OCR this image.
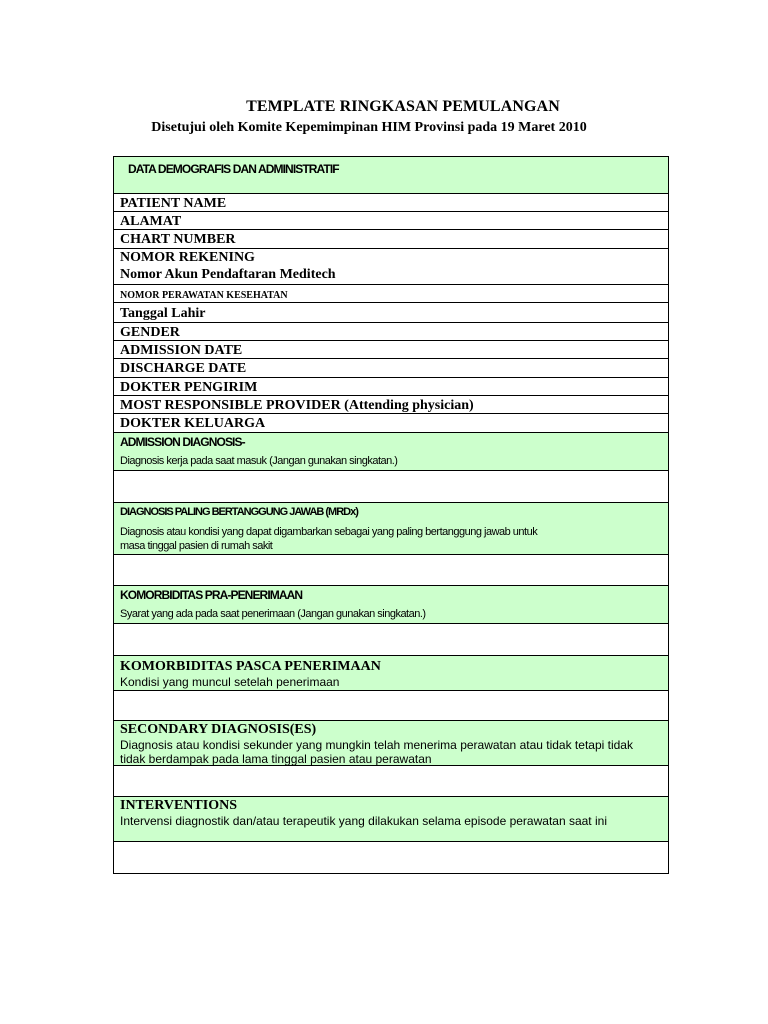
TEMPLATE RINGKASAN PEMULANGAN
Disetujui oleh Komite Kepemimpinan HIM Provinsi pada 19 Maret 2010
DATA DEMOGRAFIS DAN ADMINISTRATIF
PATIENT NAME
ALAMAT
CHART NUMBER
NOMOR REKENING
Nomor Akun Pendaftaran Meditech
NOMOR PERAWATAN KESEHATAN
Tanggal Lahir
GENDER
ADMISSION DATE
DISCHARGE DATE
DOKTER PENGIRIM
MOST RESPONSIBLE PROVIDER (Attending physician)
DOKTER KELUARGA
ADMISSION DIAGNOSIS-
Diagnosis kerja pada saat masuk (Jangan gunakan singkatan.)
DIAGNOSIS PALING BERTANGGUNG JAWAB (MRDx)
Diagnosis atau kondisi yang dapat digambarkan sebagai yang paling bertanggung jawab untuk
masa tinggal pasien di rumah sakit
KOMORBIDITAS PRA-PENERIMAAN
Syarat yang ada pada saat penerimaan (Jangan gunakan singkatan.)
KOMORBIDITAS PASCA PENERIMAAN
Kondisi yang muncul setelah penerimaan
SECONDARY DIAGNOSIS(ES)
Diagnosis atau kondisi sekunder yang mungkin telah menerima perawatan atau tidak tetapi tidak
tidak berdampak pada lama tinggal pasien atau perawatan
INTERVENTIONS
Intervensi diagnostik dan/atau terapeutik yang dilakukan selama episode perawatan saat ini
